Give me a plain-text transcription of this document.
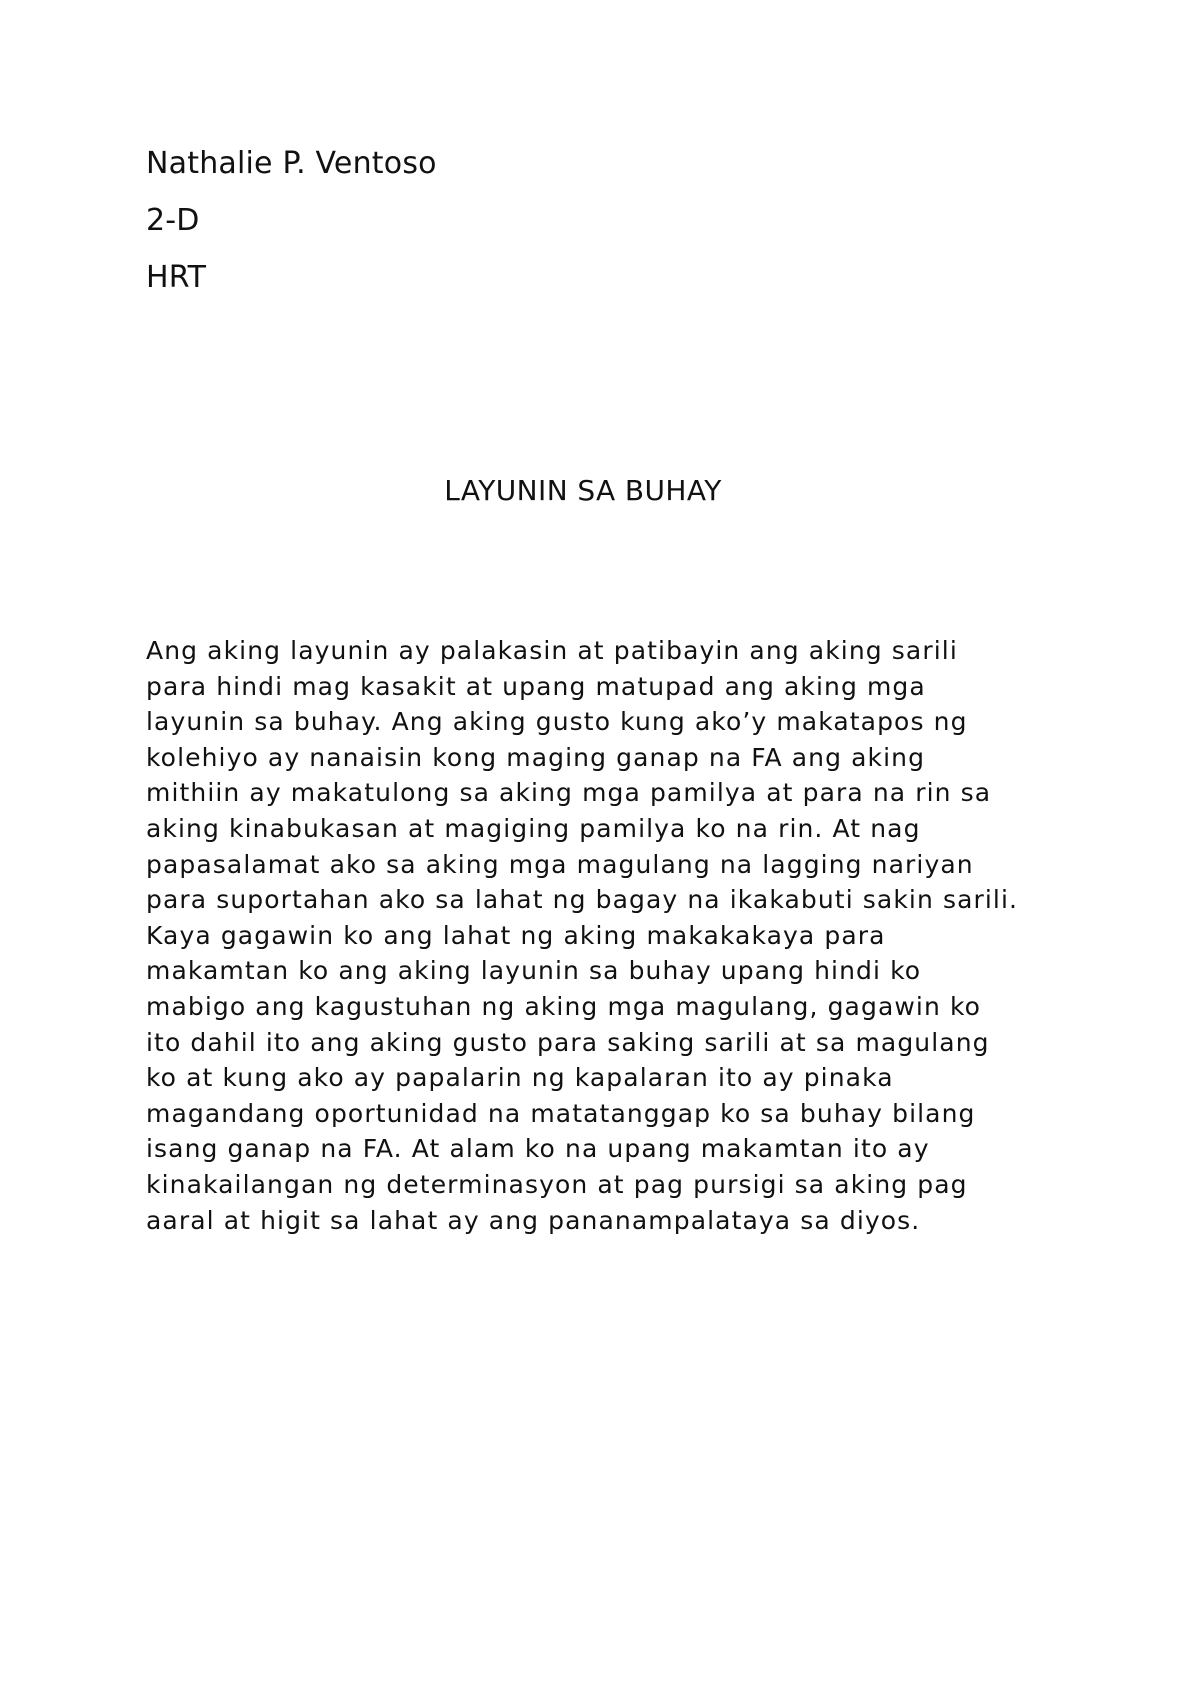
Nathalie P. Ventoso
2-D
HRT
LAYUNIN SA BUHAY
Ang aking layunin ay palakasin at patibayin ang aking sarili
para hindi mag kasakit at upang matupad ang aking mga
layunin sa buhay. Ang aking gusto kung ako’y makatapos ng
kolehiyo ay nanaisin kong maging ganap na FA ang aking
mithiin ay makatulong sa aking mga pamilya at para na rin sa
aking kinabukasan at magiging pamilya ko na rin. At nag
papasalamat ako sa aking mga magulang na lagging nariyan
para suportahan ako sa lahat ng bagay na ikakabuti sakin sarili.
Kaya gagawin ko ang lahat ng aking makakakaya para
makamtan ko ang aking layunin sa buhay upang hindi ko
mabigo ang kagustuhan ng aking mga magulang, gagawin ko
ito dahil ito ang aking gusto para saking sarili at sa magulang
ko at kung ako ay papalarin ng kapalaran ito ay pinaka
magandang oportunidad na matatanggap ko sa buhay bilang
isang ganap na FA. At alam ko na upang makamtan ito ay
kinakailangan ng determinasyon at pag pursigi sa aking pag
aaral at higit sa lahat ay ang pananampalataya sa diyos.
